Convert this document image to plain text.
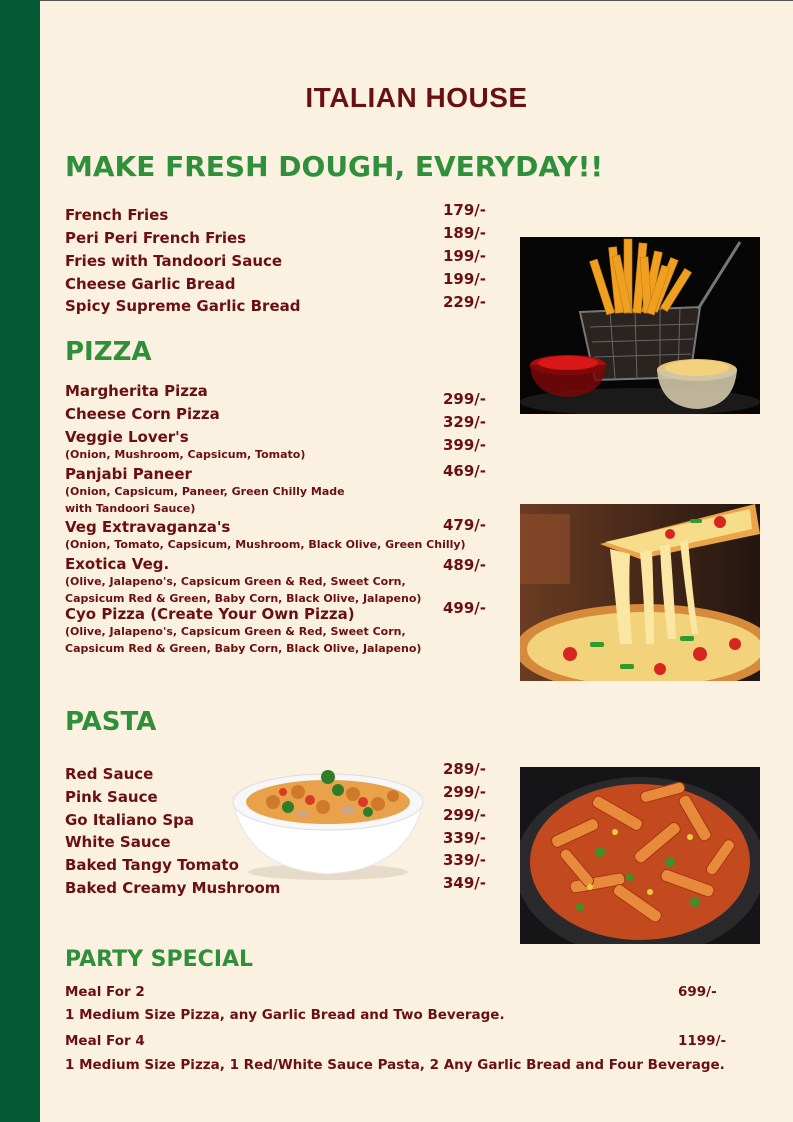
ITALIAN HOUSE
MAKE FRESH DOUGH, EVERYDAY!!
French Fries
Peri Peri French Fries
Fries with Tandoori Sauce
Cheese Garlic Bread
Spicy Supreme Garlic Bread
179/-
189/-
199/-
199/-
229/-
PIZZA
Margherita Pizza
Cheese Corn Pizza
Veggie Lover's
(Onion, Mushroom, Capsicum, Tomato)
Panjabi Paneer
(Onion, Capsicum, Paneer, Green Chilly Made with Tandoori Sauce)
Veg Extravaganza's
(Onion, Tomato, Capsicum, Mushroom, Black Olive, Green Chilly)
Exotica Veg.
(Olive, Jalapeno's, Capsicum Green & Red, Sweet Corn, Capsicum Red & Green, Baby Corn, Black Olive, Jalapeno)
Cyo Pizza (Create Your Own Pizza)
(Olive, Jalapeno's, Capsicum Green & Red, Sweet Corn, Capsicum Red & Green, Baby Corn, Black Olive, Jalapeno)
299/-
329/-
399/-
469/-
479/-
489/-
499/-
PASTA
Red Sauce
Pink Sauce
Go Italiano Spa
White Sauce
Baked Tangy Tomato
Baked Creamy Mushroom
289/-
299/-
299/-
339/-
339/-
349/-
PARTY SPECIAL
Meal For 2	699/-
1 Medium Size Pizza, any Garlic Bread and Two Beverage.
Meal For 4	1199/-
1 Medium Size Pizza, 1 Red/White Sauce Pasta, 2 Any Garlic Bread and Four Beverage.
